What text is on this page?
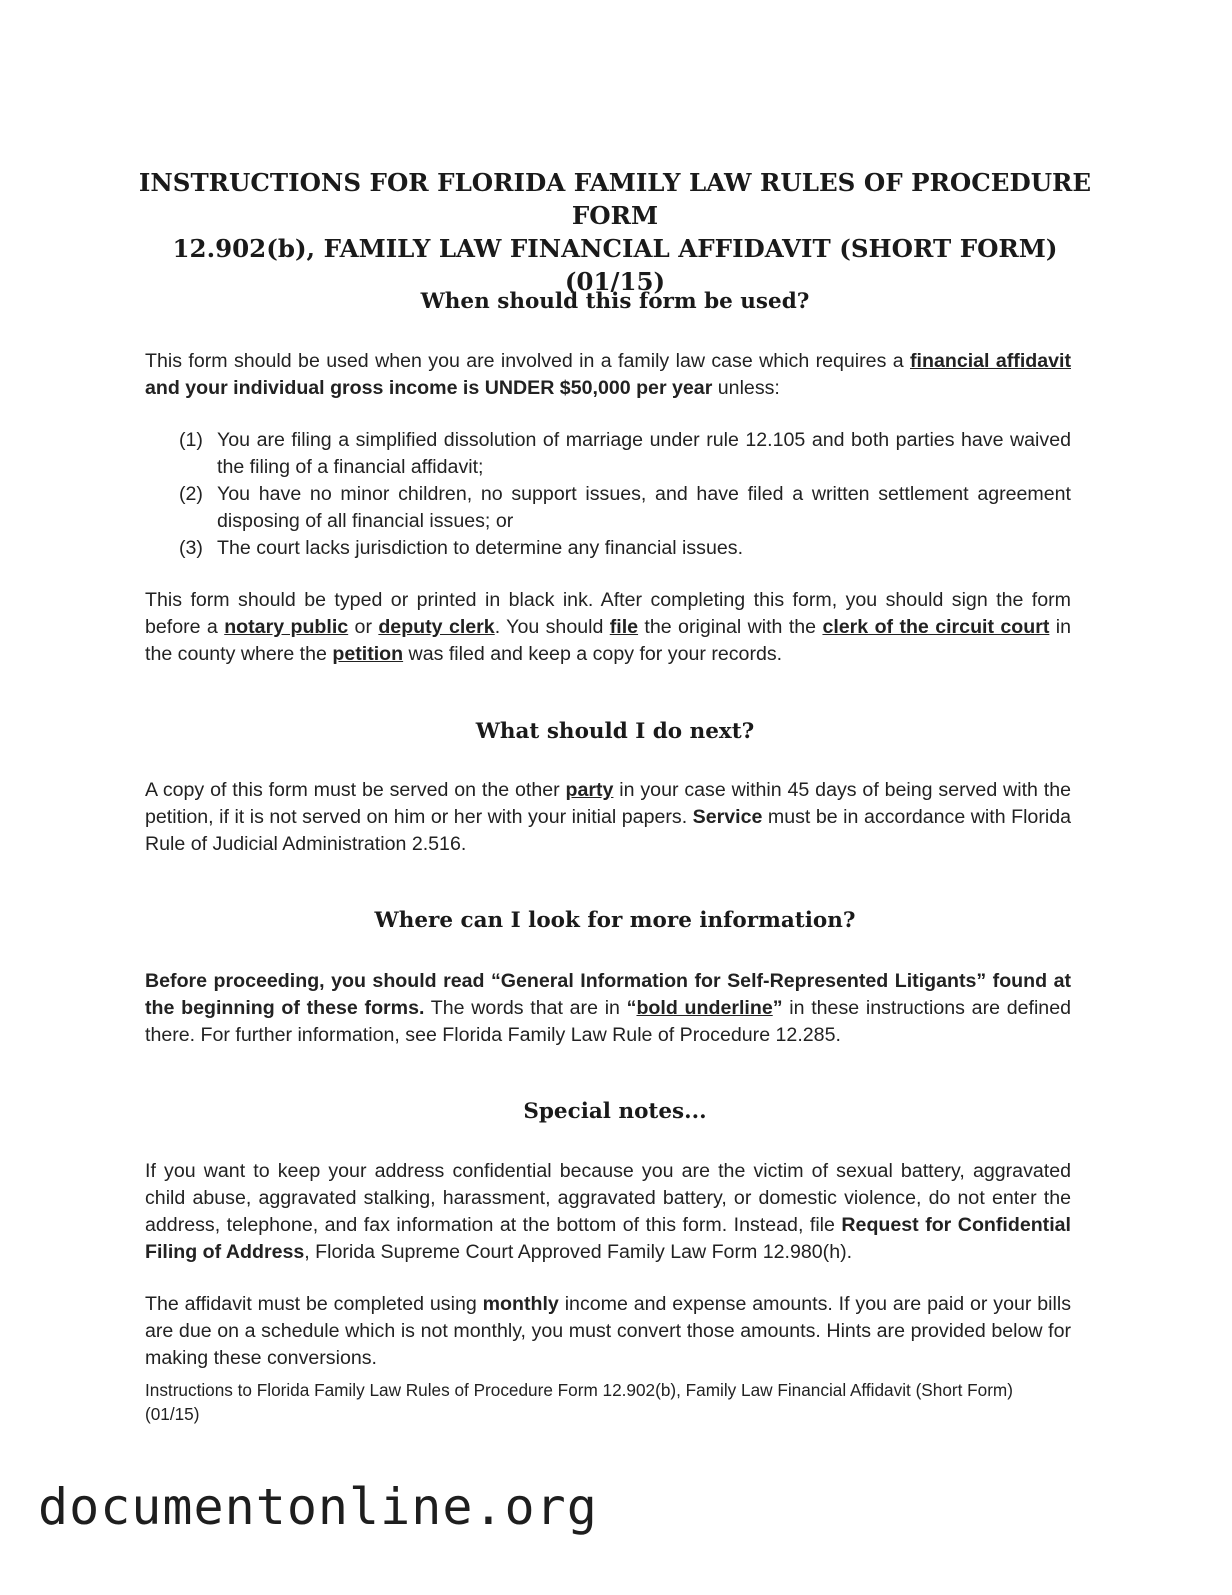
INSTRUCTIONS FOR FLORIDA FAMILY LAW RULES OF PROCEDURE FORM
12.902(b), FAMILY LAW FINANCIAL AFFIDAVIT (SHORT FORM) (01/15)
When should this form be used?
This form should be used when you are involved in a family law case which requires a financial affidavit and your individual gross income is UNDER $50,000 per year unless:
(1) You are filing a simplified dissolution of marriage under rule 12.105 and both parties have waived the filing of a financial affidavit;
(2) You have no minor children, no support issues, and have filed a written settlement agreement disposing of all financial issues; or
(3) The court lacks jurisdiction to determine any financial issues.
This form should be typed or printed in black ink. After completing this form, you should sign the form before a notary public or deputy clerk. You should file the original with the clerk of the circuit court in the county where the petition was filed and keep a copy for your records.
What should I do next?
A copy of this form must be served on the other party in your case within 45 days of being served with the petition, if it is not served on him or her with your initial papers. Service must be in accordance with Florida Rule of Judicial Administration 2.516.
Where can I look for more information?
Before proceeding, you should read “General Information for Self-Represented Litigants” found at the beginning of these forms. The words that are in “bold underline” in these instructions are defined there. For further information, see Florida Family Law Rule of Procedure 12.285.
Special notes...
If you want to keep your address confidential because you are the victim of sexual battery, aggravated child abuse, aggravated stalking, harassment, aggravated battery, or domestic violence, do not enter the address, telephone, and fax information at the bottom of this form. Instead, file Request for Confidential Filing of Address, Florida Supreme Court Approved Family Law Form 12.980(h).
The affidavit must be completed using monthly income and expense amounts. If you are paid or your bills are due on a schedule which is not monthly, you must convert those amounts. Hints are provided below for making these conversions.
Instructions to Florida Family Law Rules of Procedure Form 12.902(b), Family Law Financial Affidavit (Short Form) (01/15)
documentonline.org
